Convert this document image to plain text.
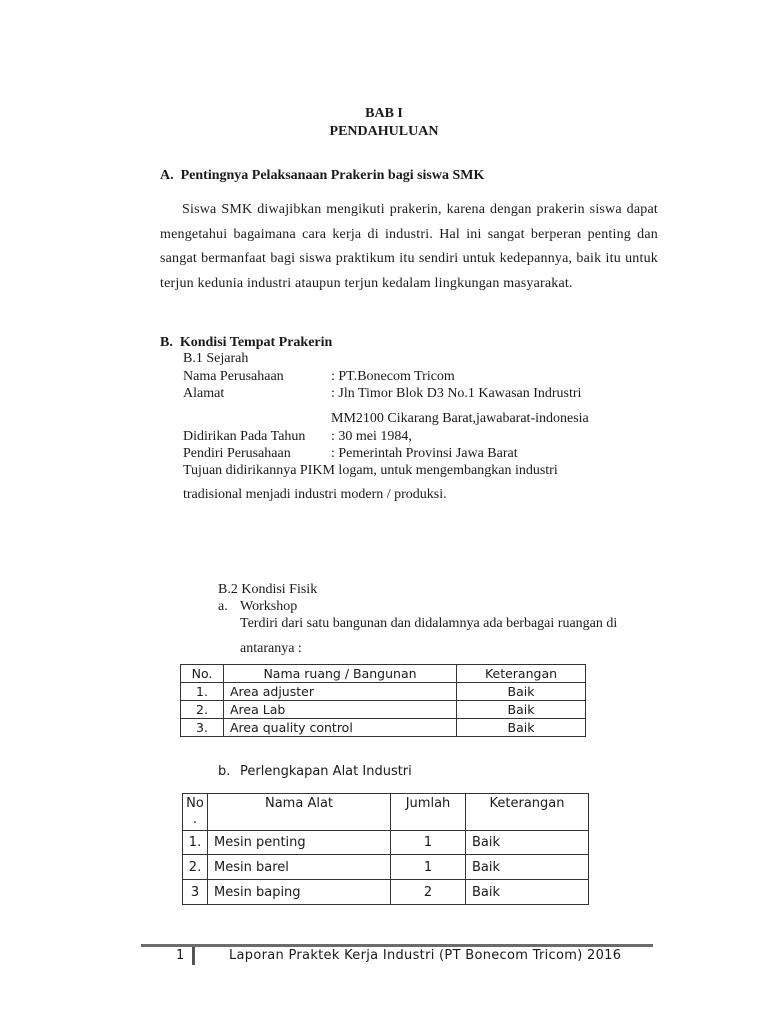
BAB I
PENDAHULUAN
A.  Pentingnya Pelaksanaan Prakerin bagi siswa SMK
Siswa SMK diwajibkan mengikuti prakerin, karena dengan prakerin siswa dapat mengetahui bagaimana cara kerja di industri. Hal ini sangat berperan penting dan sangat bermanfaat bagi siswa praktikum itu sendiri untuk kedepannya, baik itu untuk terjun kedunia industri ataupun terjun kedalam lingkungan masyarakat.
B.  Kondisi Tempat Prakerin
B.1 Sejarah
Nama Perusahaan	: PT.Bonecom Tricom
Alamat	: Jln Timor Blok D3 No.1 Kawasan Indrustri
MM2100 Cikarang Barat,jawabarat-indonesia
Didirikan Pada Tahun : 30 mei 1984,
Pendiri Perusahaan	: Pemerintah Provinsi Jawa Barat
Tujuan didirikannya PIKM logam, untuk mengembangkan industri
tradisional menjadi industri modern / produksi.
B.2 Kondisi Fisik
a. Workshop
Terdiri dari satu bangunan dan didalamnya ada berbagai ruangan di
antaranya :
No.	Nama ruang / Bangunan	Keterangan
1.	Area adjuster	Baik
2.	Area Lab	Baik
3.	Area quality control	Baik
b. Perlengkapan Alat Industri
No
.	Nama Alat	Jumlah	Keterangan
1.	Mesin penting	1	Baik
2.	Mesin barel	1	Baik
3	Mesin baping	2	Baik
1	Laporan Praktek Kerja Industri (PT Bonecom Tricom) 2016
